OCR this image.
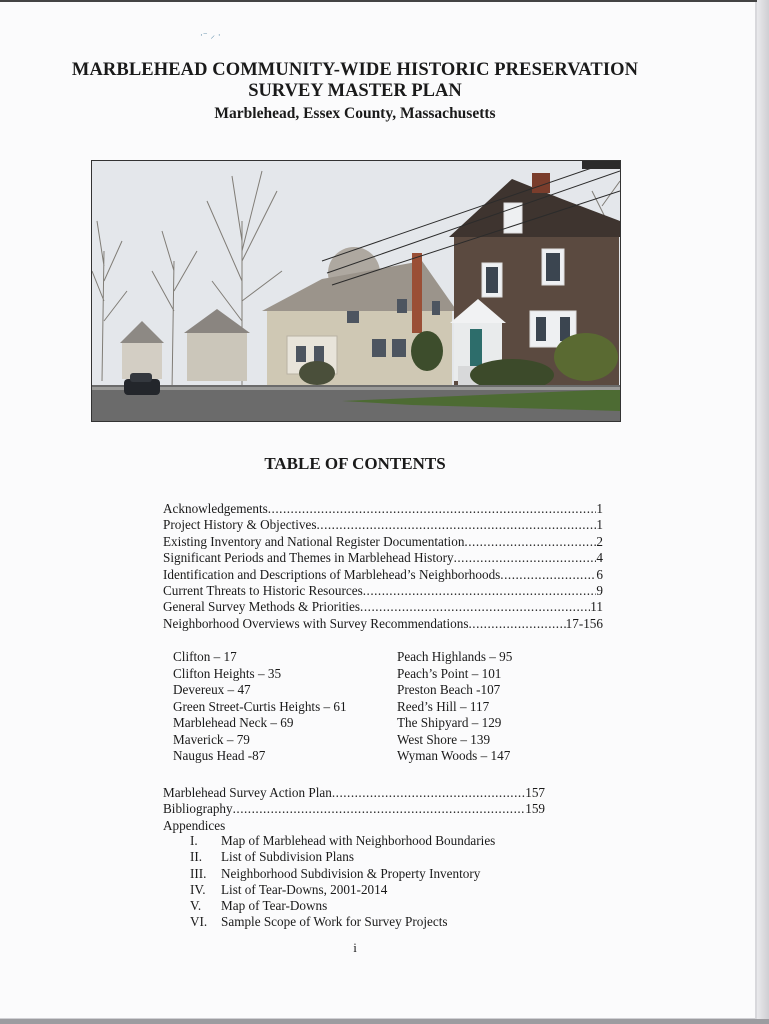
·⁻ ⸝ ·
MARBLEHEAD COMMUNITY-WIDE HISTORIC PRESERVATION
SURVEY MASTER PLAN
Marblehead, Essex County, Massachusetts
TABLE OF CONTENTS
Acknowledgements .....	1
Project History & Objectives .....	1
Existing Inventory and National Register Documentation .....	2
Significant Periods and Themes in Marblehead History .....	4
Identification and Descriptions of Marblehead’s Neighborhoods .....	6
Current Threats to Historic Resources .....	9
General Survey Methods & Priorities .....	11
Neighborhood Overviews with Survey Recommendations .....	17-156
Clifton – 17
Clifton Heights – 35
Devereux – 47
Green Street-Curtis Heights – 61
Marblehead Neck – 69
Maverick – 79
Naugus Head -87
Peach Highlands – 95
Peach’s Point – 101
Preston Beach -107
Reed’s Hill – 117
The Shipyard – 129
West Shore – 139
Wyman Woods – 147
Marblehead Survey Action Plan .....	157
Bibliography .....	159
Appendices
I.	Map of Marblehead with Neighborhood Boundaries
II.	List of Subdivision Plans
III.	Neighborhood Subdivision & Property Inventory
IV.	List of Tear-Downs, 2001-2014
V.	Map of Tear-Downs
VI.	Sample Scope of Work for Survey Projects
i
